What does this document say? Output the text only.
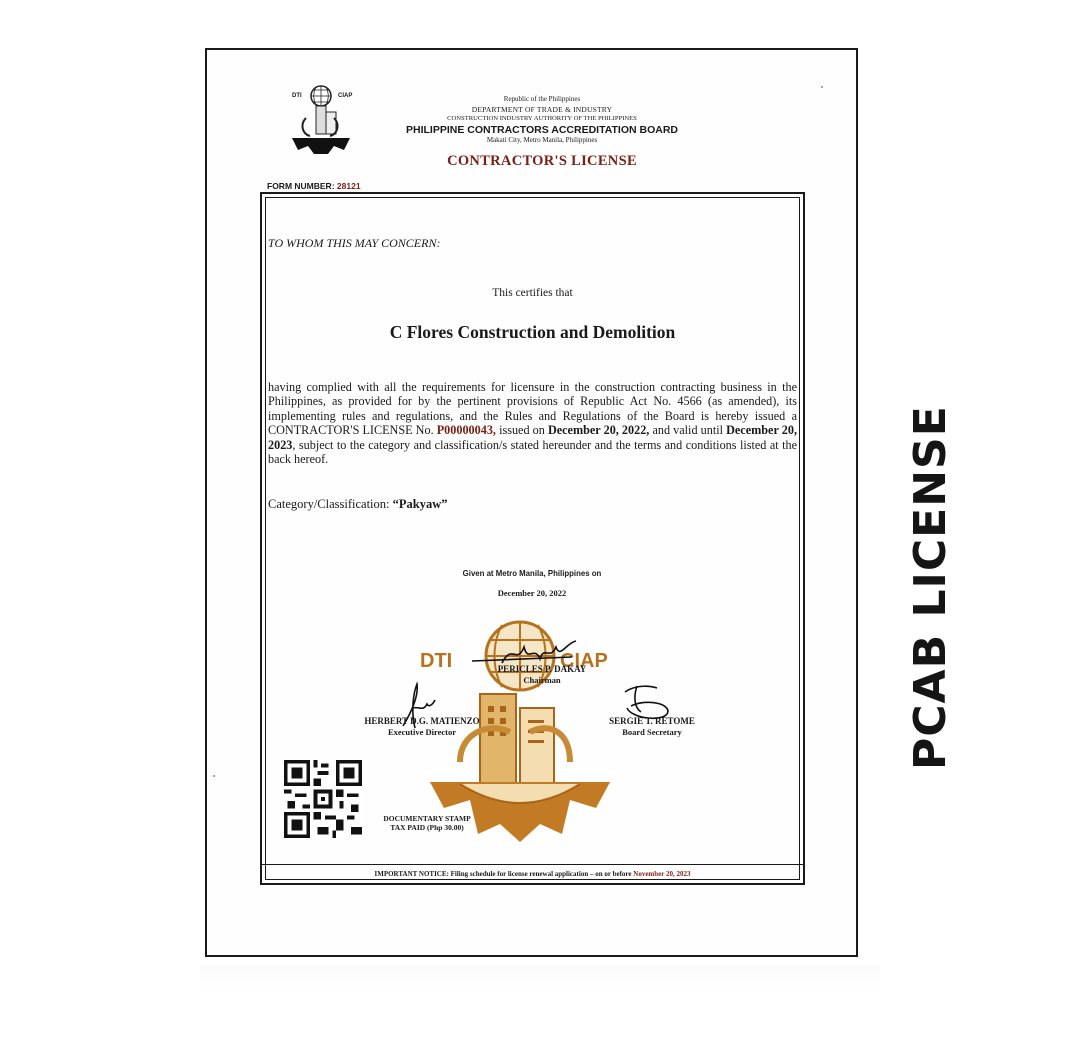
DTI	CIAP	Republic of the Philippines
DEPARTMENT OF TRADE & INDUSTRY
CONSTRUCTION INDUSTRY AUTHORITY OF THE PHILIPPINES
PHILIPPINE CONTRACTORS ACCREDITATION BOARD
Makati City, Metro Manila, Philippines
CONTRACTOR'S LICENSE
FORM NUMBER: 28121
TO WHOM THIS MAY CONCERN:
This certifies that
C Flores Construction and Demolition
having complied with all the requirements for licensure in the construction contracting business in the Philippines, as provided for by the pertinent provisions of Republic Act No. 4566 (as amended), its implementing rules and regulations, and the Rules and Regulations of the Board is hereby issued a CONTRACTOR'S LICENSE No. P00000043, issued on December 20, 2022, and valid until December 20, 2023, subject to the category and classification/s stated hereunder and the terms and conditions listed at the back hereof.
Category/Classification: “Pakyaw”
Given at Metro Manila, Philippines on
December 20, 2022
DTI	CIAP
PERICLES P. DAKAY
Chairman
HERBERT D.G. MATIENZO
Executive Director
SERGIE T. RETOME
Board Secretary
DOCUMENTARY STAMP
TAX PAID (Php 30.00)
IMPORTANT NOTICE: Filing schedule for license renewal application – on or before November 20, 2023
PCAB LICENSE
